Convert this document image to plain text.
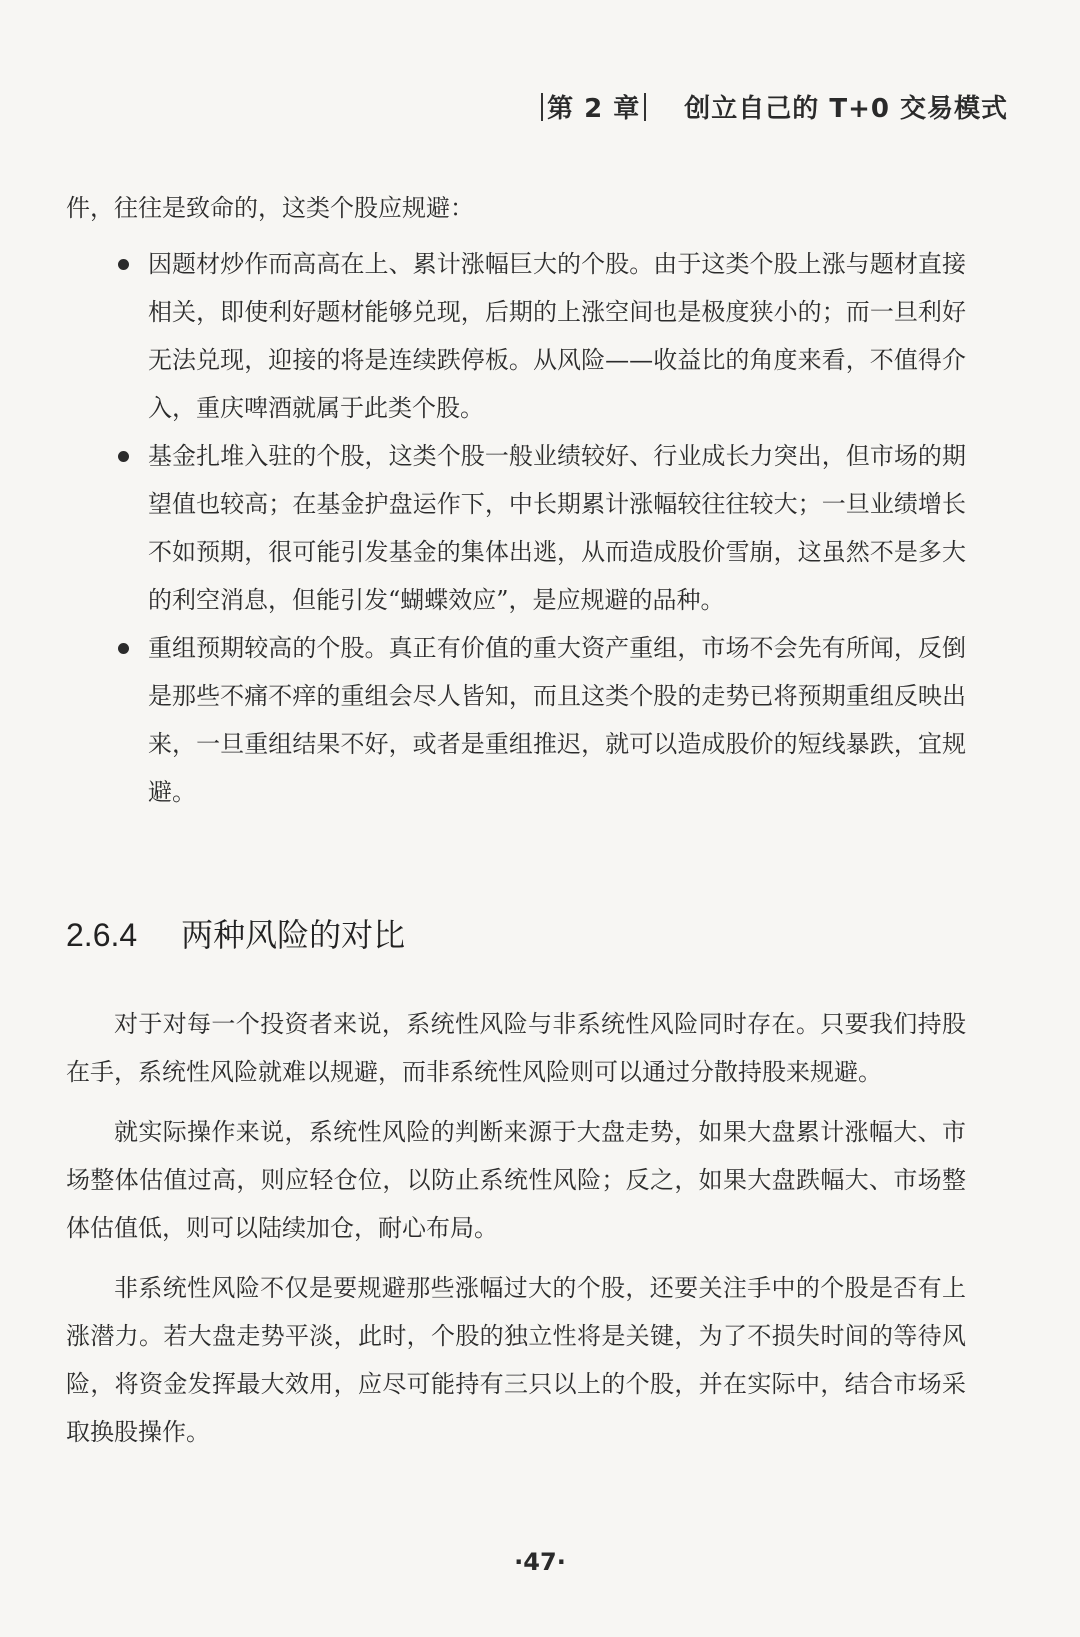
第 2 章 创立自己的 T+0 交易模式

件，往往是致命的，这类个股应规避：

因题材炒作而高高在上、累计涨幅巨大的个股。由于这类个股上涨与题材直接相关，即使利好题材能够兑现，后期的上涨空间也是极度狭小的；而一旦利好无法兑现，迎接的将是连续跌停板。从风险——收益比的角度来看，不值得介入，重庆啤酒就属于此类个股。
基金扎堆入驻的个股，这类个股一般业绩较好、行业成长力突出，但市场的期望值也较高；在基金护盘运作下，中长期累计涨幅较往往较大；一旦业绩增长不如预期，很可能引发基金的集体出逃，从而造成股价雪崩，这虽然不是多大的利空消息，但能引发“蝴蝶效应”，是应规避的品种。
重组预期较高的个股。真正有价值的重大资产重组，市场不会先有所闻，反倒是那些不痛不痒的重组会尽人皆知，而且这类个股的走势已将预期重组反映出来，一旦重组结果不好，或者是重组推迟，就可以造成股价的短线暴跌，宜规避。
2.6.4 两种风险的对比

对于对每一个投资者来说，系统性风险与非系统性风险同时存在。只要我们持股在手，系统性风险就难以规避，而非系统性风险则可以通过分散持股来规避。

就实际操作来说，系统性风险的判断来源于大盘走势，如果大盘累计涨幅大、市场整体估值过高，则应轻仓位，以防止系统性风险；反之，如果大盘跌幅大、市场整体估值低，则可以陆续加仓，耐心布局。

非系统性风险不仅是要规避那些涨幅过大的个股，还要关注手中的个股是否有上涨潜力。若大盘走势平淡，此时，个股的独立性将是关键，为了不损失时间的等待风险，将资金发挥最大效用，应尽可能持有三只以上的个股，并在实际中，结合市场采取换股操作。

·47·
